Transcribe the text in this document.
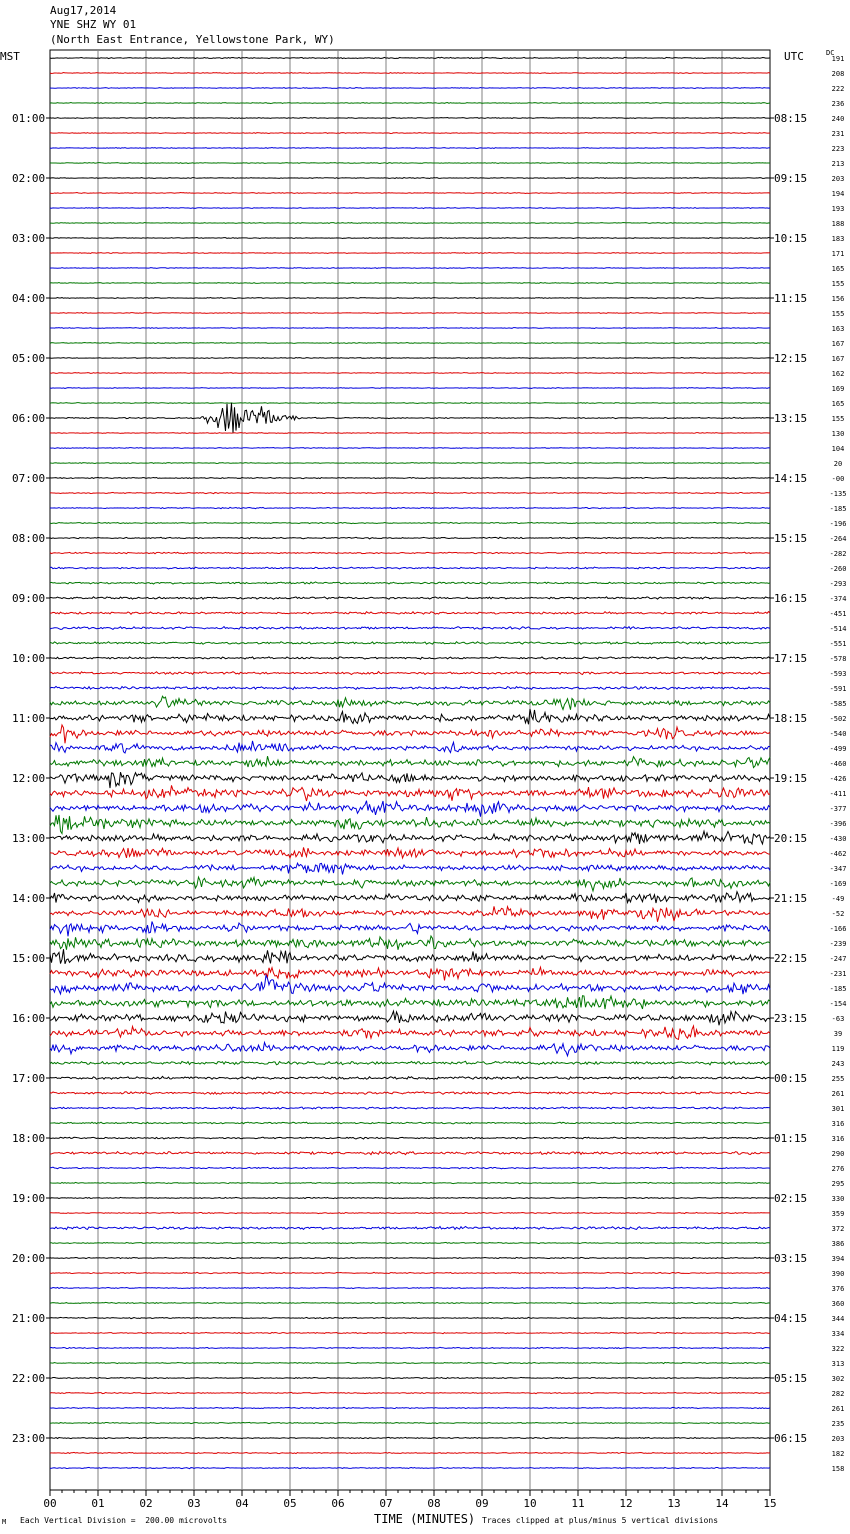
00	01	02	03	04	05	06	07	08	09	10	11	12	13	14	15
191
208
222
236
240
231
223
213
203
194
193
188
183
171
165
155
156
155
163
167
167
162
169
165
155
130
104
20
-00
-135
-185
-196
-264
-282
-260
-293
-374
-451
-514
-551
-578
-593
-591
-585
-502
-540
-499
-460
-426
-411
-377
-396
-430
-462
-347
-169
-49
-52
-166
-239
-247
-231
-185
-154
-63
39
119
243
255
261
301
316
316
290
276
295
330
359
372
386
394
390
376
360
344
334
322
313
302
282
261
235
203
182
158
01:00
02:00
03:00
04:00
05:00
06:00
07:00
08:00
09:00
10:00
11:00
12:00
13:00
14:00
15:00
16:00
17:00
18:00
19:00
20:00
21:00
22:00
23:00
08:15
09:15
10:15
11:15
12:15
13:15
14:15
15:15
16:15
17:15
18:15
19:15
20:15
21:15
22:15
23:15
00:15
01:15
02:15
03:15
04:15
05:15
06:15
Aug17,2014
YNE SHZ WY 01
(North East Entrance, Yellowstone Park, WY)
MST	UTC	DC
TIME (MINUTES)
M Each Vertical Division =  200.00 microvolts	Traces clipped at plus/minus 5 vertical divisions
